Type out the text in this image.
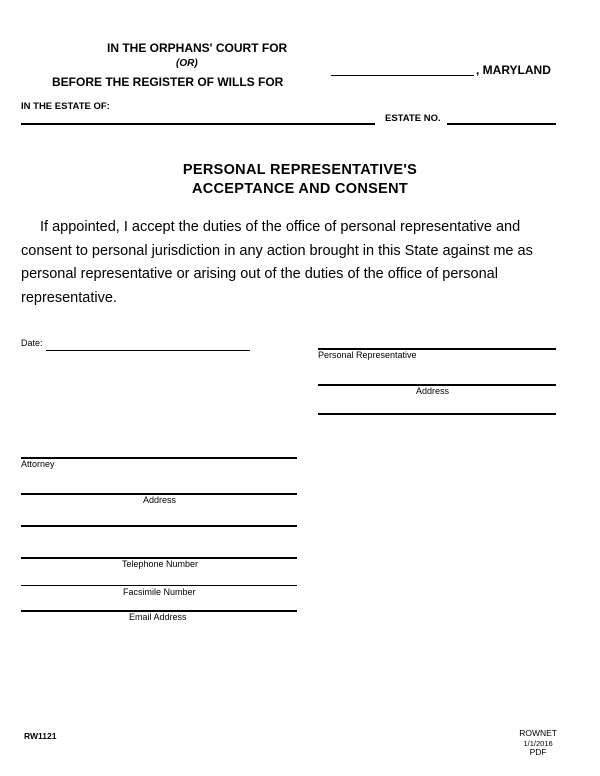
IN THE ORPHANS' COURT FOR
(OR)
BEFORE THE REGISTER OF WILLS FOR
, MARYLAND
IN THE ESTATE OF:
ESTATE NO.
PERSONAL REPRESENTATIVE'S
ACCEPTANCE AND CONSENT
If appointed, I accept the duties of the office of personal representative and
consent to personal jurisdiction in any action brought in this State against me as
personal representative or arising out of the duties of the office of personal
representative.
Date:
Personal Representative
Address
Attorney
Address
Telephone Number
Facsimile Number
Email Address
RW1121	ROWNET
1/1/2016
PDF
